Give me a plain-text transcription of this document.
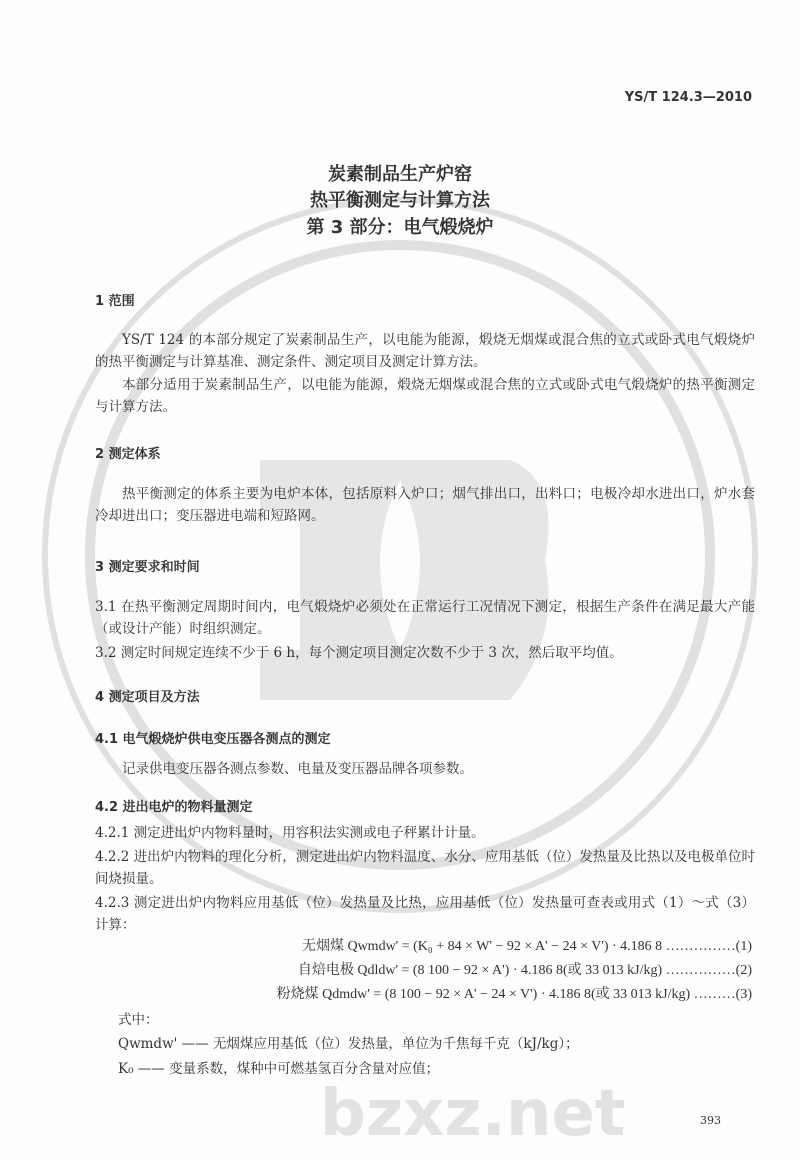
bzxz.net
YS/T 124.3—2010
炭素制品生产炉窑
热平衡测定与计算方法
第 3 部分：电气煅烧炉
1 范围
YS/T 124 的本部分规定了炭素制品生产，以电能为能源，煅烧无烟煤或混合焦的立式或卧式电气煅烧炉的热平衡测定与计算基准、测定条件、测定项目及测定计算方法。
本部分适用于炭素制品生产，以电能为能源，煅烧无烟煤或混合焦的立式或卧式电气煅烧炉的热平衡测定与计算方法。
2 测定体系
热平衡测定的体系主要为电炉本体，包括原料入炉口；烟气排出口，出料口；电极冷却水进出口，炉水套冷却进出口；变压器进电端和短路网。
3 测定要求和时间
3.1 在热平衡测定周期时间内，电气煅烧炉必须处在正常运行工况情况下测定，根据生产条件在满足最大产能（或设计产能）时组织测定。
3.2 测定时间规定连续不少于 6 h，每个测定项目测定次数不少于 3 次，然后取平均值。
4 测定项目及方法
4.1 电气煅烧炉供电变压器各测点的测定
记录供电变压器各测点参数、电量及变压器品牌各项参数。
4.2 进出电炉的物料量测定
4.2.1 测定进出炉内物料量时，用容积法实测或电子秤累计计量。
4.2.2 进出炉内物料的理化分析，测定进出炉内物料温度、水分、应用基低（位）发热量及比热以及电极单位时间烧损量。
4.2.3 测定进出炉内物料应用基低（位）发热量及比热，应用基低（位）发热量可查表或用式（1）～式（3）计算：
无烟煤 Qwmdw' = (K₀ + 84 × W' − 92 × A' − 24 × V') · 4.186 8 ……………(1)
自焙电极 Qdldw' = (8 100 − 92 × A') · 4.186 8(或 33 013 kJ/kg) ……………(2)
粉烧煤 Qdmdw' = (8 100 − 92 × A' − 24 × V') · 4.186 8(或 33 013 kJ/kg) ………(3)
式中：
Qwmdw' —— 无烟煤应用基低（位）发热量，单位为千焦每千克（kJ/kg）；
K₀ —— 变量系数，煤种中可燃基氢百分含量对应值；
393
